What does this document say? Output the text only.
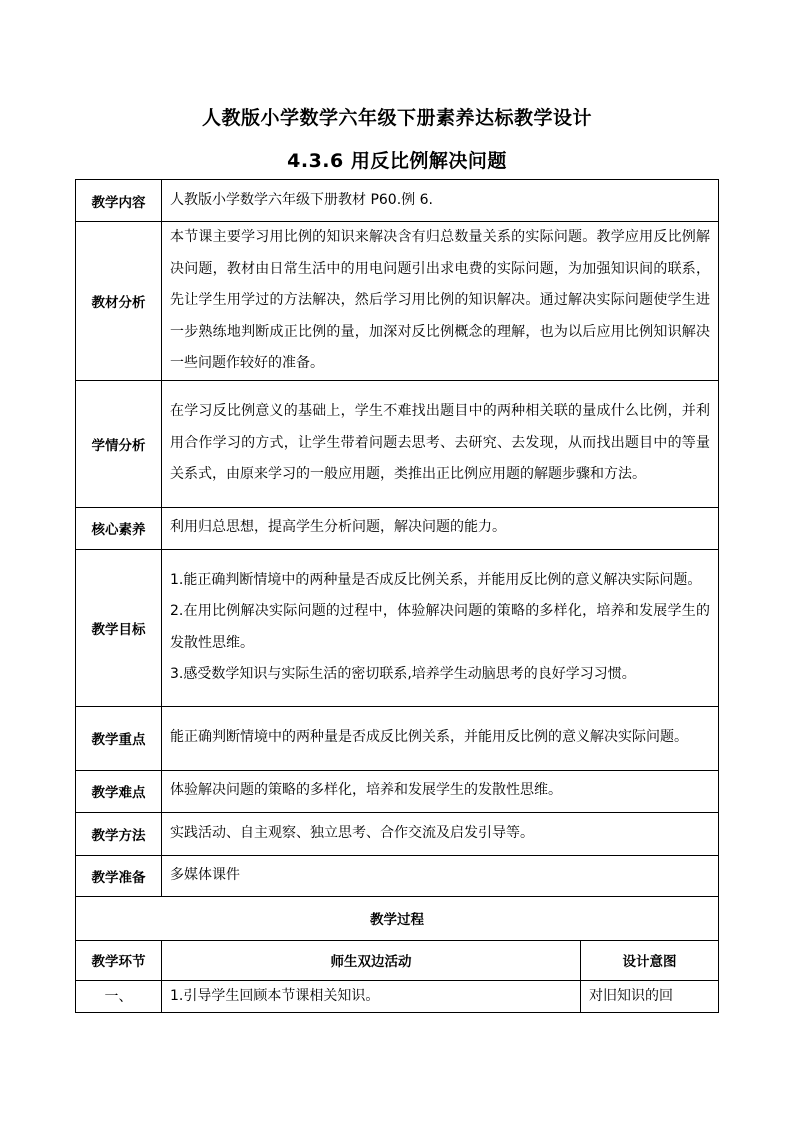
人教版小学数学六年级下册素养达标教学设计
4.3.6 用反比例解决问题
教学内容	人教版小学数学六年级下册教材 P60.例 6.	
教材分析	本节课主要学习用比例的知识来解决含有归总数量关系的实际问题。教学应用反比例解决问题，教材由日常生活中的用电问题引出求电费的实际问题，为加强知识间的联系，先让学生用学过的方法解决，然后学习用比例的知识解决。通过解决实际问题使学生进一步熟练地判断成正比例的量，加深对反比例概念的理解，也为以后应用比例知识解决一些问题作较好的准备。	
学情分析	在学习反比例意义的基础上，学生不难找出题目中的两种相关联的量成什么比例，并利用合作学习的方式，让学生带着问题去思考、去研究、去发现，从而找出题目中的等量关系式，由原来学习的一般应用题，类推出正比例应用题的解题步骤和方法。	
核心素养	利用归总思想，提高学生分析问题，解决问题的能力。	
教学目标	1.能正确判断情境中的两种量是否成反比例关系，并能用反比例的意义解决实际问题。
2.在用比例解决实际问题的过程中，体验解决问题的策略的多样化，培养和发展学生的发散性思维。
3.感受数学知识与实际生活的密切联系,培养学生动脑思考的良好学习习惯。	

教学重点	能正确判断情境中的两种量是否成反比例关系，并能用反比例的意义解决实际问题。	
教学难点	体验解决问题的策略的多样化，培养和发展学生的发散性思维。	
教学方法	实践活动、自主观察、独立思考、合作交流及启发引导等。	
教学准备	多媒体课件	
教学过程		
教学环节	师生双边活动	设计意图
一、	1.引导学生回顾本节课相关知识。	对旧知识的回
